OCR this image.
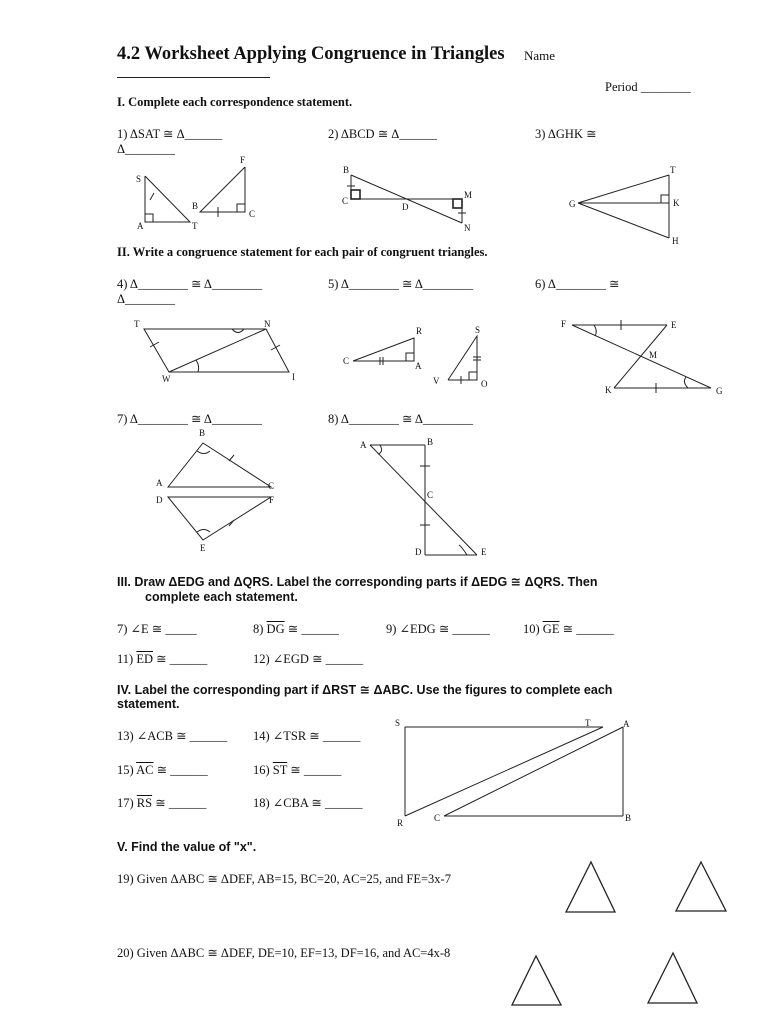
4.2 Worksheet Applying Congruence in Triangles Name
Period ________
I. Complete each correspondence statement.
1) ΔSAT ≅ Δ______
Δ________
2) ΔBCD ≅ Δ______	3) ΔGHK ≅
II. Write a congruence statement for each pair of congruent triangles.
4) Δ________ ≅ Δ________
Δ________
5) Δ________ ≅ Δ________	6) Δ________ ≅
7) Δ________ ≅ Δ________	8) Δ________ ≅ Δ________
III. Draw ΔEDG and ΔQRS. Label the corresponding parts if ΔEDG ≅ ΔQRS. Then
complete each statement.
7) ∠E ≅ _____	8) $\overline{DG}$ ≅ ______	9) ∠EDG ≅ ______	10) $\overline{GE}$ ≅ ______
11) $\overline{ED}$ ≅ ______	12) ∠EGD ≅ ______
IV. Label the corresponding part if ΔRST ≅ ΔABC. Use the figures to complete each
statement.
13) ∠ACB ≅ ______ 14) ∠TSR ≅ ______
15) $\overline{AC}$ ≅ ______	16) $\overline{ST}$ ≅ ______
17) $\overline{RS}$ ≅ ______	18) ∠CBA ≅ ______
V. Find the value of "x".
19) Given ΔABC ≅ ΔDEF, AB=15, BC=20, AC=25, and FE=3x-7
20) Given ΔABC ≅ ΔDEF, DE=10, EF=13, DF=16, and AC=4x-8
S
A	T
F
B
C
B
C
D
M
N
T
G	K
H
T	N
W	I
R	S
C	A
V	O
F	E
M
K	G
B
A	C
D	F
E
A	B
C
D	E
S	T	A
R	C	B
